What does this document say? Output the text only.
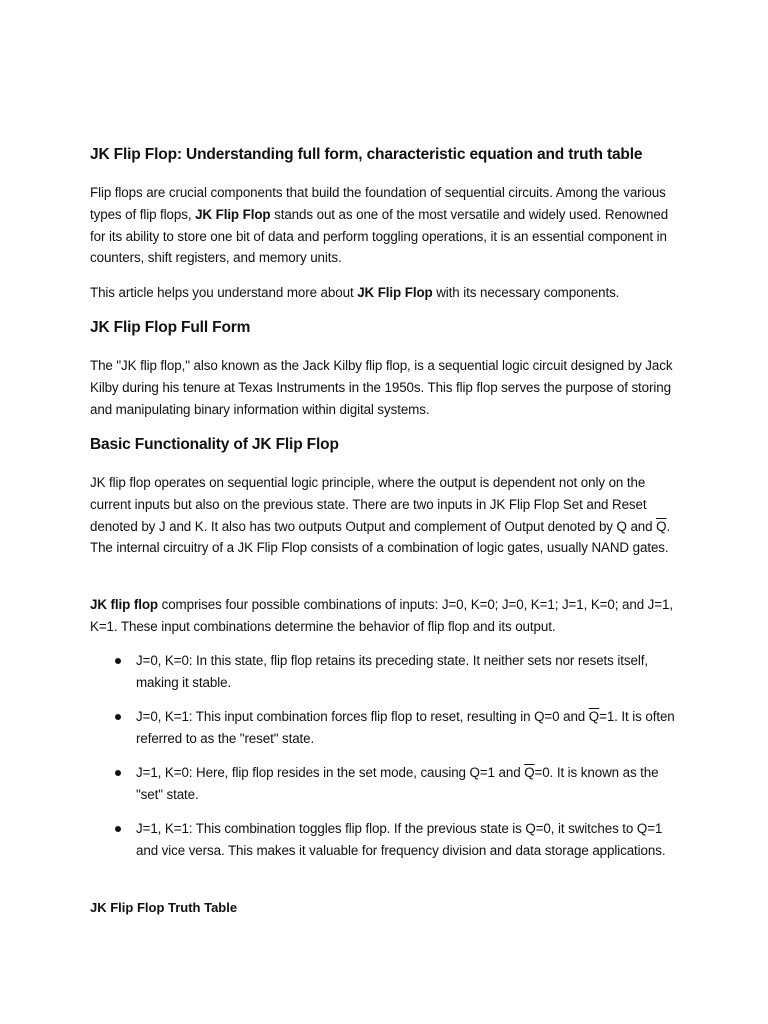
JK Flip Flop: Understanding full form, characteristic equation and truth table

Flip flops are crucial components that build the foundation of sequential circuits. Among the various types of flip flops, JK Flip Flop stands out as one of the most versatile and widely used. Renowned for its ability to store one bit of data and perform toggling operations, it is an essential component in counters, shift registers, and memory units.

This article helps you understand more about JK Flip Flop with its necessary components.

JK Flip Flop Full Form

The "JK flip flop," also known as the Jack Kilby flip flop, is a sequential logic circuit designed by Jack Kilby during his tenure at Texas Instruments in the 1950s. This flip flop serves the purpose of storing and manipulating binary information within digital systems.

Basic Functionality of JK Flip Flop

JK flip flop operates on sequential logic principle, where the output is dependent not only on the current inputs but also on the previous state. There are two inputs in JK Flip Flop Set and Reset denoted by J and K. It also has two outputs Output and complement of Output denoted by Q and $\overline{Q}$. The internal circuitry of a JK Flip Flop consists of a combination of logic gates, usually NAND gates.

JK flip flop comprises four possible combinations of inputs: J=0, K=0; J=0, K=1; J=1, K=0; and J=1, K=1. These input combinations determine the behavior of flip flop and its output.

J=0, K=0: In this state, flip flop retains its preceding state. It neither sets nor resets itself, making it stable.
J=0, K=1: This input combination forces flip flop to reset, resulting in Q=0 and $\overline{Q}=1$. It is often referred to as the "reset" state.
J=1, K=0: Here, flip flop resides in the set mode, causing Q=1 and $\overline{Q}=0$. It is known as the "set" state.
J=1, K=1: This combination toggles flip flop. If the previous state is Q=0, it switches to Q=1 and vice versa. This makes it valuable for frequency division and data storage applications.
JK Flip Flop Truth Table
